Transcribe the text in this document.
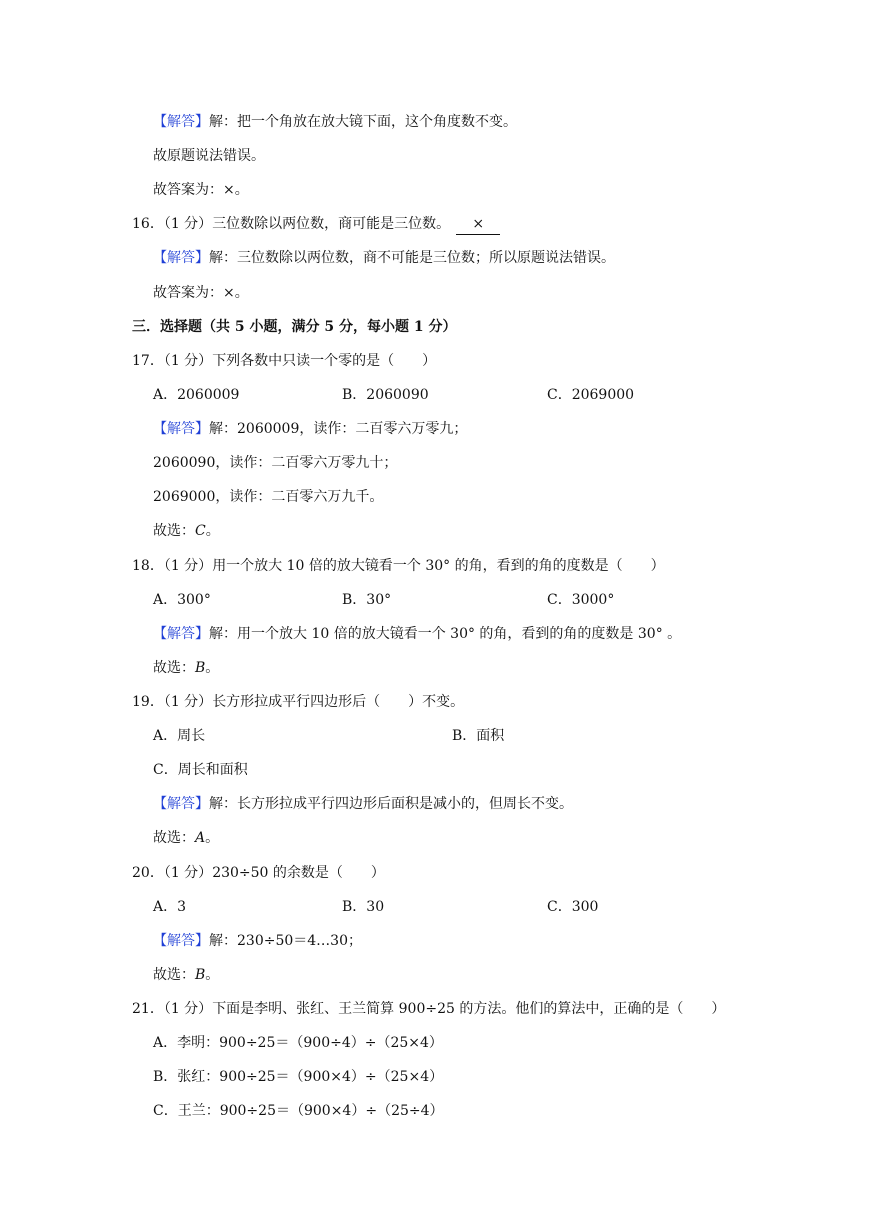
【解答】解：把一个角放在放大镜下面，这个角度数不变。
故原题说法错误。
故答案为：×。
16．（1 分）三位数除以两位数，商可能是三位数。 ×
【解答】解：三位数除以两位数，商不可能是三位数；所以原题说法错误。
故答案为：×。
三．选择题（共 5 小题，满分 5 分，每小题 1 分）
17．（1 分）下列各数中只读一个零的是（　　）
A．2060009	B．2060090	C．2069000
【解答】解：2060009，读作：二百零六万零九；
2060090，读作：二百零六万零九十；
2069000，读作：二百零六万九千。
故选：C。
18．（1 分）用一个放大 10 倍的放大镜看一个 30° 的角，看到的角的度数是（　　）
A．300°	B．30°	C．3000°
【解答】解：用一个放大 10 倍的放大镜看一个 30° 的角，看到的角的度数是 30° 。
故选：B。
19．（1 分）长方形拉成平行四边形后（　　）不变。
A．周长	B．面积
C．周长和面积
【解答】解：长方形拉成平行四边形后面积是减小的，但周长不变。
故选：A。
20．（1 分）230÷50 的余数是（　　）
A．3	B．30	C．300
【解答】解：230÷50＝4…30；
故选：B。
21．（1 分）下面是李明、张红、王兰简算 900÷25 的方法。他们的算法中，正确的是（　　）
A．李明：900÷25＝（900÷4）÷（25×4）
B．张红：900÷25＝（900×4）÷（25×4）
C．王兰：900÷25＝（900×4）÷（25÷4）
